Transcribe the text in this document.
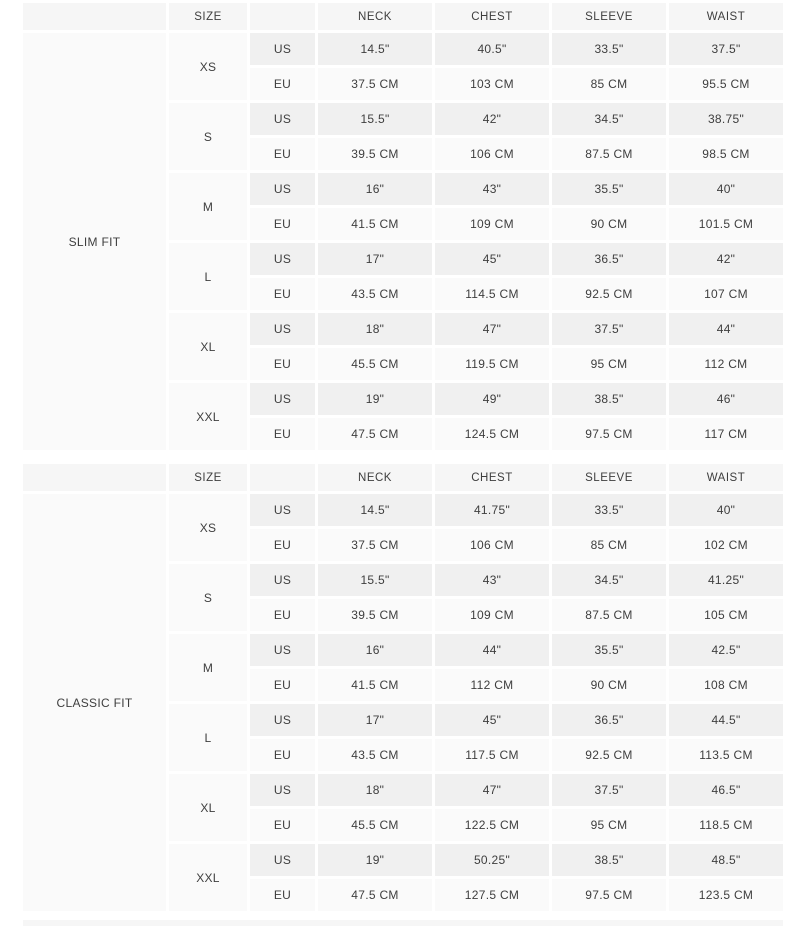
	SIZE		NECK	CHEST	SLEEVE	WAIST
SLIM FIT	XS	US	14.5"	40.5"	33.5"	37.5"
		EU	37.5 CM	103 CM	85 CM	95.5 CM
	S	US	15.5"	42"	34.5"	38.75"
		EU	39.5 CM	106 CM	87.5 CM	98.5 CM
	M	US	16"	43"	35.5"	40"
		EU	41.5 CM	109 CM	90 CM	101.5 CM
	L	US	17"	45"	36.5"	42"
		EU	43.5 CM	114.5 CM	92.5 CM	107 CM
	XL	US	18"	47"	37.5"	44"
		EU	45.5 CM	119.5 CM	95 CM	112 CM
	XXL	US	19"	49"	38.5"	46"
		EU	47.5 CM	124.5 CM	97.5 CM	117 CM
	SIZE		NECK	CHEST	SLEEVE	WAIST
CLASSIC FIT	XS	US	14.5"	41.75"	33.5"	40"
		EU	37.5 CM	106 CM	85 CM	102 CM
	S	US	15.5"	43"	34.5"	41.25"
		EU	39.5 CM	109 CM	87.5 CM	105 CM
	M	US	16"	44"	35.5"	42.5"
		EU	41.5 CM	112 CM	90 CM	108 CM
	L	US	17"	45"	36.5"	44.5"
		EU	43.5 CM	117.5 CM	92.5 CM	113.5 CM
	XL	US	18"	47"	37.5"	46.5"
		EU	45.5 CM	122.5 CM	95 CM	118.5 CM
	XXL	US	19"	50.25"	38.5"	48.5"
		EU	47.5 CM	127.5 CM	97.5 CM	123.5 CM
